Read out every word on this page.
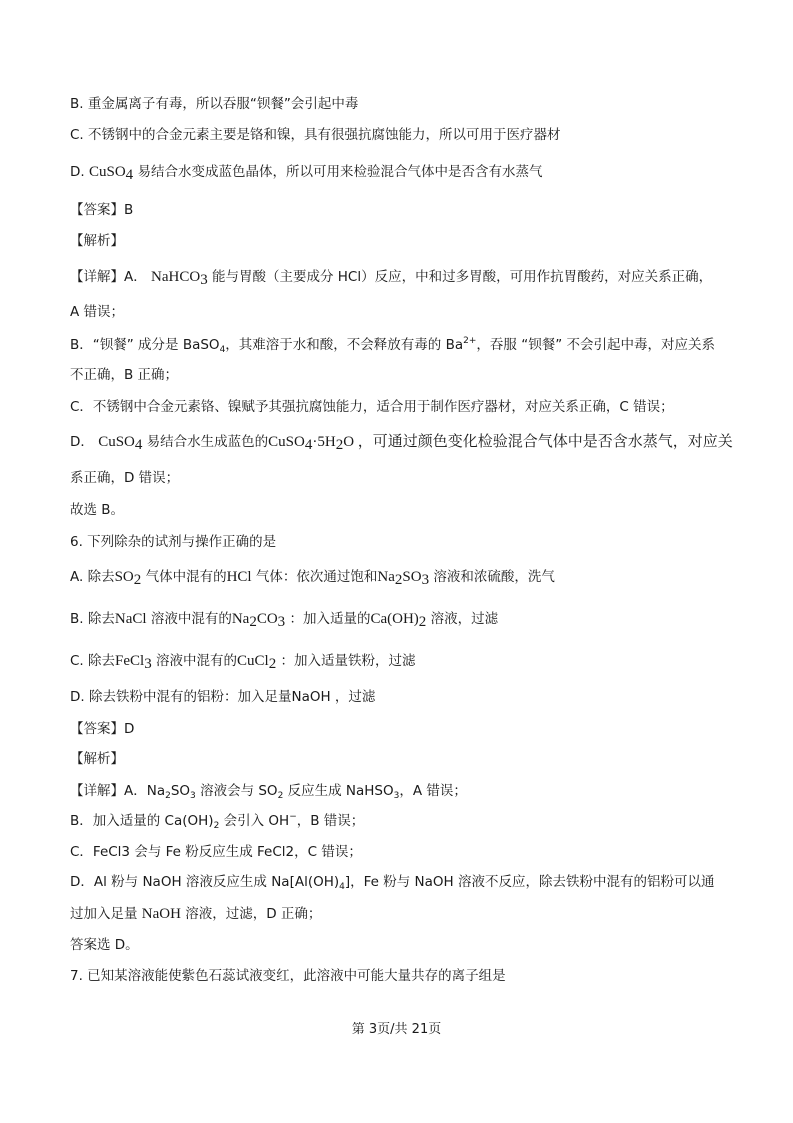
B. 重金属离子有毒，所以吞服“钡餐”会引起中毒
C. 不锈钢中的合金元素主要是铬和镍，具有很强抗腐蚀能力，所以可用于医疗器材
D. CuSO$_4$ 易结合水变成蓝色晶体，所以可用来检验混合气体中是否含有水蒸气
【答案】B
【解析】
【详解】A． NaHCO$_3$ 能与胃酸（主要成分 HCl）反应，中和过多胃酸，可用作抗胃酸药，对应关系正确，
A 错误；
B．“钡餐” 成分是 BaSO$_4$，其难溶于水和酸，不会释放有毒的 $Ba^{2+}$，吞服 “钡餐” 不会引起中毒，对应关系
不正确，B 正确；
C．不锈钢中合金元素铬、镍赋予其强抗腐蚀能力，适合用于制作医疗器材，对应关系正确，C 错误；
D． CuSO$_4$ 易结合水生成蓝色的$CuSO_4\cdot 5H_2O$ ，可通过颜色变化检验混合气体中是否含水蒸气，对应关
系正确，D 错误；
故选 B。
6. 下列除杂的试剂与操作正确的是
A. 除去$SO_2$ 气体中混有的HCl 气体：依次通过饱和$Na_2SO_3$ 溶液和浓硫酸，洗气
B. 除去NaCl 溶液中混有的$Na_2CO_3$ ：加入适量的$Ca(OH)_2$ 溶液，过滤
C. 除去FeCl$_3$ 溶液中混有的CuCl$_2$ ：加入适量铁粉，过滤
D. 除去铁粉中混有的铝粉：加入足量NaOH ，过滤
【答案】D
【解析】
【详解】A．$Na_2SO_3$ 溶液会与 $SO_2$ 反应生成 NaHSO$_3$，A 错误；
B．加入适量的 $Ca(OH)_2$ 会引入 OH−，B 错误；
C．FeCl3 会与 Fe 粉反应生成 FeCl2，C 错误；
D．Al 粉与 NaOH 溶液反应生成 $Na[Al(OH)_4]$，Fe 粉与 NaOH 溶液不反应，除去铁粉中混有的铝粉可以通
过加入足量 NaOH 溶液，过滤，D 正确；
答案选 D。
7. 已知某溶液能使紫色石蕊试液变红，此溶液中可能大量共存的离子组是
第 3页/共 21页
